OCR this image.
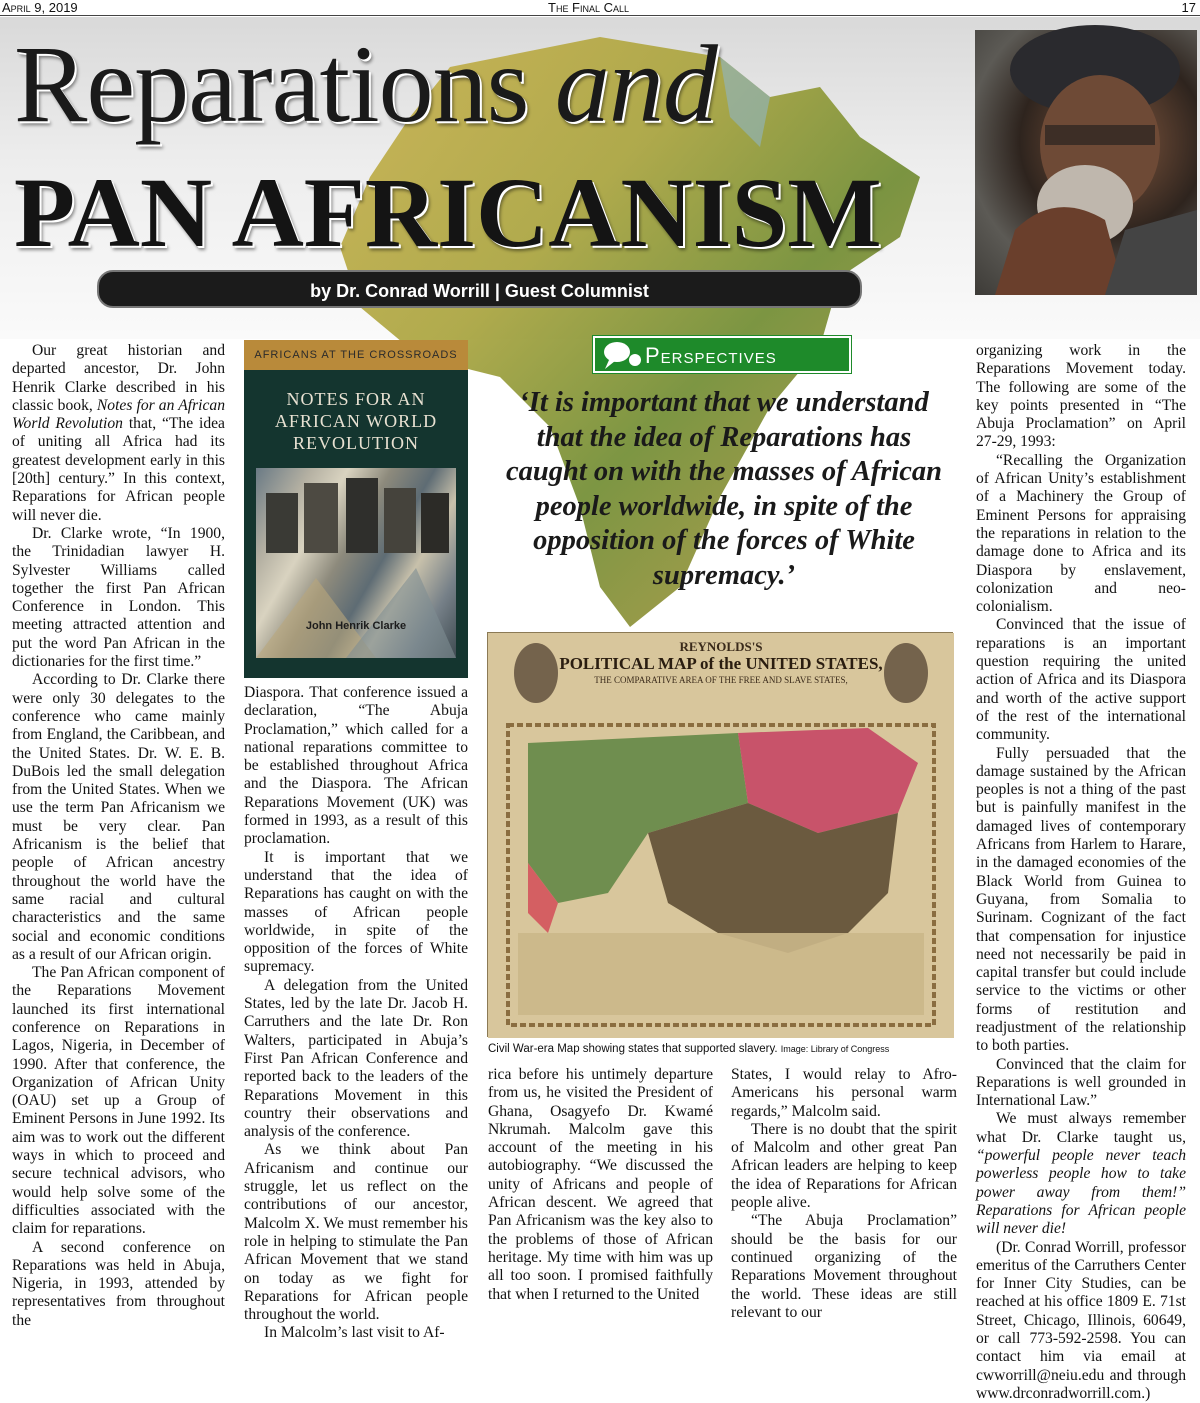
April 9, 2019	The Final Call	17
Reparations and
PAN AFRICANISM
by Dr. Conrad Worrill | Guest Columnist

Our great historian and departed ancestor, Dr. John Henrik Clarke described in his classic book, Notes for an African World Revolution that, “The idea of uniting all Africa had its greatest development early in this [20th] century.” In this context, Reparations for African people will never die.

Dr. Clarke wrote, “In 1900, the Trinidadian lawyer H. Sylvester Williams called together the first Pan African Conference in London. This meeting attracted attention and put the word Pan African in the dictionaries for the first time.”

According to Dr. Clarke there were only 30 delegates to the conference who came mainly from England, the Caribbean, and the United States. Dr. W. E. B. DuBois led the small delegation from the United States. When we use the term Pan Africanism we must be very clear. Pan Africanism is the belief that people of African ancestry throughout the world have the same racial and cultural characteristics and the same social and economic conditions as a result of our African origin.

The Pan African component of the Reparations Movement launched its first international conference on Reparations in Lagos, Nigeria, in December of 1990. After that conference, the Organization of African Unity (OAU) set up a Group of Eminent Persons in June 1992. Its aim was to work out the different ways in which to proceed and secure technical advisors, who would help solve some of the difficulties associated with the claim for reparations.

A second conference on Reparations was held in Abuja, Nigeria, in 1993, attended by representatives from throughout the

AFRICANS AT THE CROSSROADS
NOTES FOR AN AFRICAN WORLD REVOLUTION
John Henrik Clarke

Diaspora. That conference issued a declaration, “The Abuja Proclamation,” which called for a national reparations committee to be established throughout Africa and the Diaspora. The African Reparations Movement (UK) was formed in 1993, as a result of this proclamation.

It is important that we understand that the idea of Reparations has caught on with the masses of African people worldwide, in spite of the opposition of the forces of White supremacy.

A delegation from the United States, led by the late Dr. Jacob H. Carruthers and the late Dr. Ron Walters, participated in Abuja’s First Pan African Conference and reported back to the leaders of the Reparations Movement in this country their observations and analysis of the conference.

As we think about Pan Africanism and continue our struggle, let us reflect on the contributions of our ancestor, Malcolm X. We must remember his role in helping to stimulate the Pan African Movement that we stand on today as we fight for Reparations for African people throughout the world.

In Malcolm’s last visit to Af-

Perspectives
‘It is important that we understand that the idea of Reparations has caught on with the masses of African people worldwide, in spite of the opposition of the forces of White supremacy.’
REYNOLDS'S
POLITICAL MAP of the UNITED STATES,
THE COMPARATIVE AREA OF THE FREE AND SLAVE STATES,
Civil War-era Map showing states that supported slavery. Image: Library of Congress

rica before his untimely departure from us, he visited the President of Ghana, Osagyefo Dr. Kwamé Nkrumah. Malcolm gave this account of the meeting in his autobiography. “We discussed the unity of Africans and people of African descent. We agreed that Pan Africanism was the key also to the problems of those of African heritage. My time with him was up all too soon. I promised faithfully that when I returned to the United

States, I would relay to Afro-Americans his personal warm regards,” Malcolm said.

There is no doubt that the spirit of Malcolm and other great Pan African leaders are helping to keep the idea of Reparations for African people alive.

“The Abuja Proclamation” should be the basis for our continued organizing of the Reparations Movement throughout the world. These ideas are still relevant to our

organizing work in the Reparations Movement today. The following are some of the key points presented in “The Abuja Proclamation” on April 27-29, 1993:

“Recalling the Organization of African Unity’s establishment of a Machinery the Group of Eminent Persons for appraising the reparations in relation to the damage done to Africa and its Diaspora by enslavement, colonization and neo-colonialism.

Convinced that the issue of reparations is an important question requiring the united action of Africa and its Diaspora and worth of the active support of the rest of the international community.

Fully persuaded that the damage sustained by the African peoples is not a thing of the past but is painfully manifest in the damaged lives of contemporary Africans from Harlem to Harare, in the damaged economies of the Black World from Guinea to Guyana, from Somalia to Surinam. Cognizant of the fact that compensation for injustice need not necessarily be paid in capital transfer but could include service to the victims or other forms of restitution and readjustment of the relationship to both parties.

Convinced that the claim for Reparations is well grounded in International Law.”

We must always remember what Dr. Clarke taught us, “powerful people never teach powerless people how to take power away from them!” Reparations for African people will never die!

(Dr. Conrad Worrill, professor emeritus of the Carruthers Center for Inner City Studies, can be reached at his office 1809 E. 71st Street, Chicago, Illinois, 60649, or call 773-592-2598. You can contact him via email at cwworrill@neiu.edu and through www.drconradworrill.com.)
